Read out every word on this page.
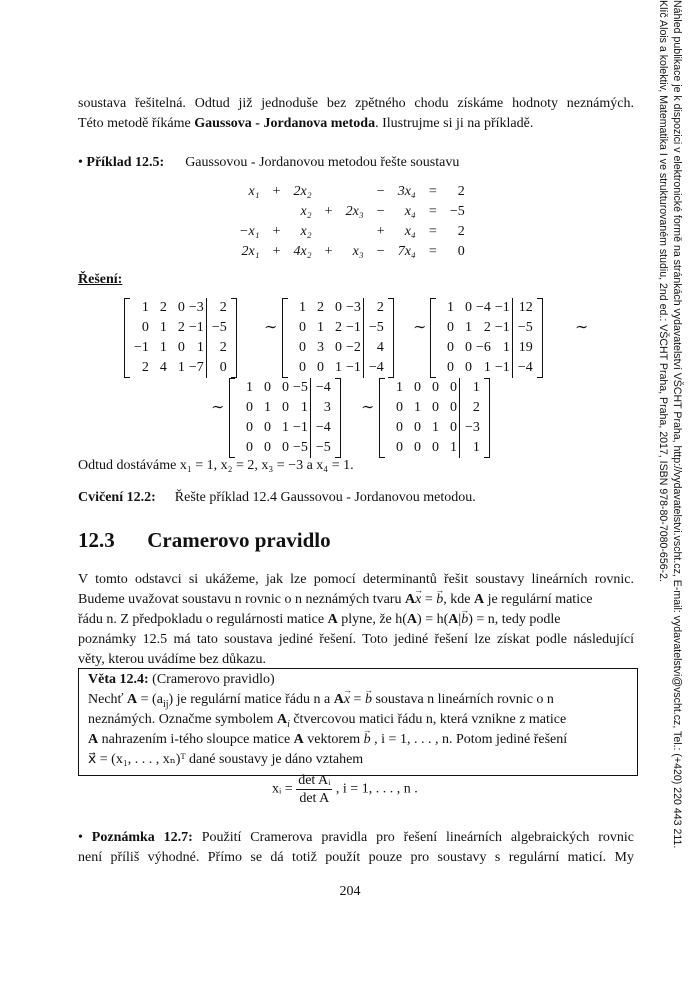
Náhled publikace je k dispozici v elektronické formě na stránkách vydavatelství VŠCHT Praha, http://vydavatelstvi.vscht.cz, E-mail: vydavatelstvi@vscht.cz, Tel.: (+420) 220 443 211.
Klíč Alois a kolektiv, Matematika I ve strukturovaném studiu, 2nd ed.: VŠCHT Praha, Praha, 2017, ISBN 978-80-7080-656-2.
soustava řešitelná. Odtud již jednoduše bez zpětného chodu získáme hodnoty neznámých.
Této metodě říkáme Gaussova - Jordanova metoda. Ilustrujme si ji na příkladě.
• Příklad 12.5: Gaussovou - Jordanovou metodou řešte soustavu
x₁	+	2x₂			−	3x₄	=	2
		x₂	+	2x₃	−	x₄	=	−5
−x₁	+	x₂			+	x₄	=	2
2x₁	+	4x₂	+	x₃	−	7x₄	=	0
Řešení:
1	2	0	−3	2
0	1	2	−1	−5
−1	1	0	1	2
2	4	1	−7	0
∼
1	2	0	−3	2
0	1	2	−1	−5
0	3	0	−2	4
0	0	1	−1	−4
∼
1	0	−4	−1	12
0	1	2	−1	−5
0	0	−6	1	19
0	0	1	−1	−4
∼
∼
1	0	0	−5	−4
0	1	0	1	3
0	0	1	−1	−4
0	0	0	−5	−5
∼
1	0	0	0	1
0	1	0	0	2
0	0	1	0	−3
0	0	0	1	1
Odtud dostáváme x₁ = 1, x₂ = 2, x₃ = −3 a x₄ = 1.
Cvičení 12.2: Řešte příklad 12.4 Gaussovou - Jordanovou metodou.
12.3 Cramerovo pravidlo
V tomto odstavci si ukážeme, jak lze pomocí determinantů řešit soustavy lineárních rovnic.
Budeme uvažovat soustavu n rovnic o n neznámých tvaru A→ x = → b, kde A je regulární matice
řádu n. Z předpokladu o regulárnosti matice A plyne, že h(A) = h(A|→ b) = n, tedy podle
poznámky 12.5 má tato soustava jediné řešení. Toto jediné řešení lze získat podle následující
věty, kterou uvádíme bez důkazu.
Věta 12.4: (Cramerovo pravidlo)
Nechť $A = (a_{ij})$ je regulární matice řádu n a A→ x = → b soustava n lineárních rovnic o n
neznámých. Označme symbolem $A_i$ čtvercovou matici řádu n, která vznikne z matice
A nahrazením i-tého sloupce matice A vektorem → b , i = 1, . . . , n. Potom jediné řešení
x⃗ = (x₁, . . . , xₙ)ᵀ dané soustavy je dáno vztahem
xᵢ = $\frac{\text{det Aᵢ}}{\text{det A}}$ , i = 1, . . . , n .
• Poznámka 12.7: Použití Cramerova pravidla pro řešení lineárních algebraických rovnic
není příliš výhodné. Přímo se dá totiž použít pouze pro soustavy s regulární maticí. My
204
